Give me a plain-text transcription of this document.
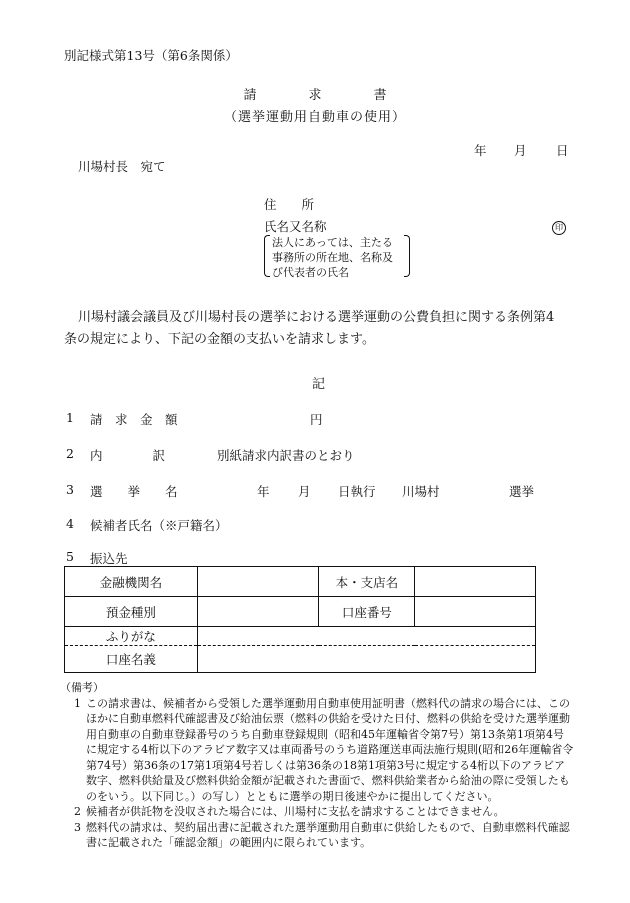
別記様式第13号（第6条関係）
請	求	書
（選挙運動用自動車の使用）
年 月 日
川場村長　宛て
住　　所
氏名又名称	印
法人にあっては、主たる
事務所の所在地、名称及
び代表者の氏名
川場村議会議員及び川場村長の選挙における選挙運動の公費負担に関する条例第4
条の規定により、下記の金額の支払いを請求します。
記
1 請　求　金　額	円
2 内　　　　訳	別紙請求内訳書のとおり
3 選　　挙　　名	年 月 日執行 川場村	選挙
4 候補者氏名（※戸籍名）
5 振込先
金融機関名		本・支店名	
預金種別		口座番号	
ふりがな			
口座名義			
（備考）
1 この請求書は、候補者から受領した選挙運動用自動車使用証明書（燃料代の請求の場合には、このほかに自動車燃料代確認書及び給油伝票（燃料の供給を受けた日付、燃料の供給を受けた選挙運動用自動車の自動車登録番号のうち自動車登録規則（昭和45年運輸省令第7号）第13条第1項第4号に規定する4桁以下のアラビア数字又は車両番号のうち道路運送車両法施行規則(昭和26年運輸省令第74号）第36条の17第1項第4号若しくは第36条の18第1項第3号に規定する4桁以下のアラビア数字、燃料供給量及び燃料供給金額が記載された書面で、燃料供給業者から給油の際に受領したものをいう。以下同じ。）の写し）とともに選挙の期日後速やかに提出してください。
2 候補者が供託物を没収された場合には、川場村に支払を請求することはできません。
3 燃料代の請求は、契約届出書に記載された選挙運動用自動車に供給したもので、自動車燃料代確認書に記載された「確認金額」の範囲内に限られています。
